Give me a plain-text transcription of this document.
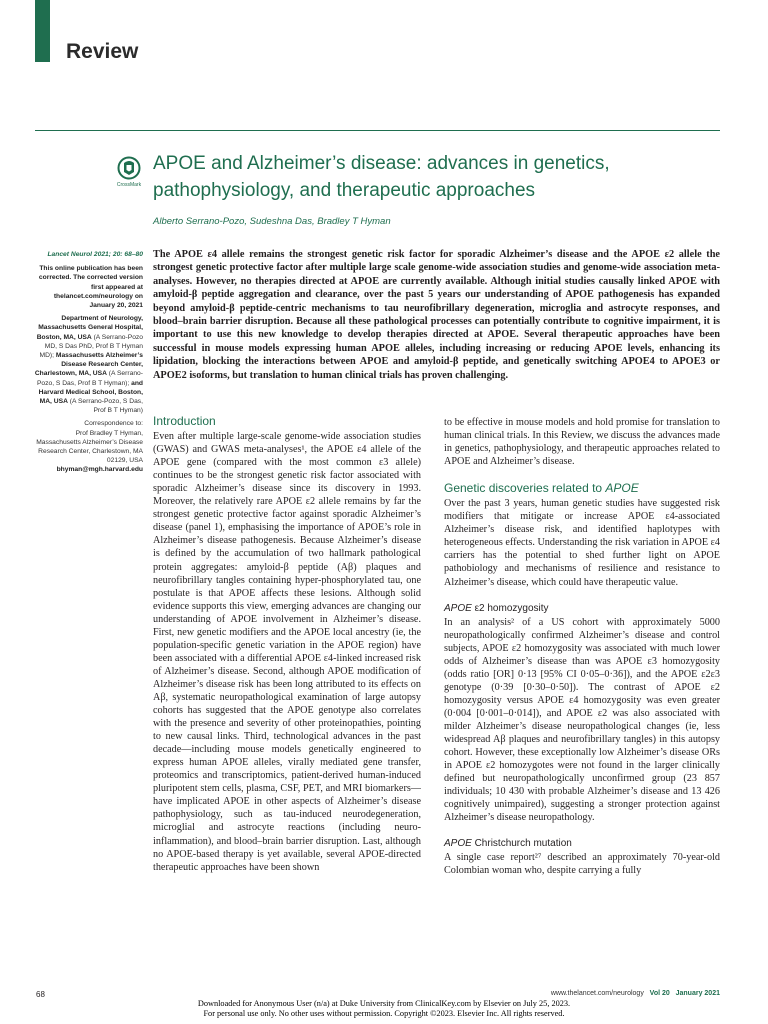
Review
CrossMark
APOE and Alzheimer’s disease: advances in genetics, pathophysiology, and therapeutic approaches

Alberto Serrano-Pozo, Sudeshna Das, Bradley T Hyman

Lancet Neurol 2021; 20: 68–80

This online publication has been corrected. The corrected version first appeared at thelancet.com/neurology on January 20, 2021

Department of Neurology, Massachusetts General Hospital, Boston, MA, USA (A Serrano-Pozo MD, S Das PhD, Prof B T Hyman MD); Massachusetts Alzheimer’s Disease Research Center, Charlestown, MA, USA (A Serrano-Pozo, S Das, Prof B T Hyman); and Harvard Medical School, Boston, MA, USA (A Serrano-Pozo, S Das, Prof B T Hyman)

Correspondence to:
Prof Bradley T Hyman, Massachusetts Alzheimer’s Disease Research Center, Charlestown, MA 02129, USA
bhyman@mgh.harvard.edu

The APOE ε4 allele remains the strongest genetic risk factor for sporadic Alzheimer’s disease and the APOE ε2 allele the strongest genetic protective factor after multiple large scale genome-wide association studies and genome-wide association meta-analyses. However, no therapies directed at APOE are currently available. Although initial studies causally linked APOE with amyloid-β peptide aggregation and clearance, over the past 5 years our understanding of APOE pathogenesis has expanded beyond amyloid-β peptide-centric mechanisms to tau neurofibrillary degeneration, microglia and astrocyte responses, and blood–brain barrier disruption. Because all these pathological processes can potentially contribute to cognitive impairment, it is important to use this new knowledge to develop therapies directed at APOE. Several therapeutic approaches have been successful in mouse models expressing human APOE alleles, including increasing or reducing APOE levels, enhancing its lipidation, blocking the interactions between APOE and amyloid-β peptide, and genetically switching APOE4 to APOE3 or APOE2 isoforms, but translation to human clinical trials has proven challenging.

Introduction

Even after multiple large-scale genome-wide association studies (GWAS) and GWAS meta-analyses¹, the APOE ε4 allele of the APOE gene (compared with the most common ε3 allele) continues to be the strongest genetic risk factor associated with sporadic Alzheimer’s disease since its discovery in 1993. Moreover, the relatively rare APOE ε2 allele remains by far the strongest genetic protective factor against sporadic Alzheimer’s disease (panel 1), emphasising the importance of APOE’s role in Alzheimer’s disease pathogenesis. Because Alzheimer’s disease is defined by the accumulation of two hallmark pathological protein aggregates: amyloid-β peptide (Aβ) plaques and neurofibrillary tangles containing hyper-phosphorylated tau, one postulate is that APOE affects these lesions. Although solid evidence supports this view, emerging advances are changing our understanding of APOE involvement in Alzheimer’s disease. First, new genetic modifiers and the APOE local ancestry (ie, the population-specific genetic variation in the APOE region) have been associated with a differential APOE ε4-linked increased risk of Alzheimer’s disease. Second, although APOE modification of Alzheimer’s disease risk has been long attributed to its effects on Aβ, systematic neuropathological examination of large autopsy cohorts has suggested that the APOE genotype also correlates with the presence and severity of other proteinopathies, pointing to new causal links. Third, technological advances in the past decade—including mouse models genetically engineered to express human APOE alleles, virally mediated gene transfer, proteomics and transcriptomics, patient-derived human-induced pluripotent stem cells, plasma, CSF, PET, and MRI biomarkers—have implicated APOE in other aspects of Alzheimer’s disease pathophysiology, such as tau-induced neurodegeneration, microglial and astrocyte reactions (including neuro-inflammation), and blood–brain barrier disruption. Last, although no APOE-based therapy is yet available, several APOE-directed therapeutic approaches have been shown

to be effective in mouse models and hold promise for translation to human clinical trials. In this Review, we discuss the advances made in genetics, pathophysiology, and therapeutic approaches related to APOE and Alzheimer’s disease.

Genetic discoveries related to APOE

Over the past 3 years, human genetic studies have suggested risk modifiers that mitigate or increase APOE ε4-associated Alzheimer’s disease risk, and identified haplotypes with heterogeneous effects. Understanding the risk variation in APOE ε4 carriers has the potential to shed further light on APOE pathobiology and mechanisms of resilience and resistance to Alzheimer’s disease, which could have therapeutic value.

APOE ε2 homozygosity

In an analysis² of a US cohort with approximately 5000 neuropathologically confirmed Alzheimer’s disease and control subjects, APOE ε2 homozygosity was associated with much lower odds of Alzheimer’s disease than was APOE ε3 homozygosity (odds ratio [OR] 0·13 [95% CI 0·05–0·36]), and the APOE ε2ε3 genotype (0·39 [0·30–0·50]). The contrast of APOE ε2 homozygosity versus APOE ε4 homozygosity was even greater (0·004 [0·001–0·014]), and APOE ε2 was also associated with milder Alzheimer’s disease neuropathological changes (ie, less widespread Aβ plaques and neurofibrillary tangles) in this autopsy cohort. However, these exceptionally low Alzheimer’s disease ORs in APOE ε2 homozygotes were not found in the larger clinically defined but neuropathologically unconfirmed group (23 857 individuals; 10 430 with probable Alzheimer’s disease and 13 426 cognitively unimpaired), suggesting a stronger protection against Alzheimer’s disease neuropathology.

APOE Christchurch mutation

A single case report²⁷ described an approximately 70-year-old Colombian woman who, despite carrying a fully

68	www.thelancet.com/neurology Vol 20 January 2021

Downloaded for Anonymous User (n/a) at Duke University from ClinicalKey.com by Elsevier on July 25, 2023.

For personal use only. No other uses without permission. Copyright ©2023. Elsevier Inc. All rights reserved.
